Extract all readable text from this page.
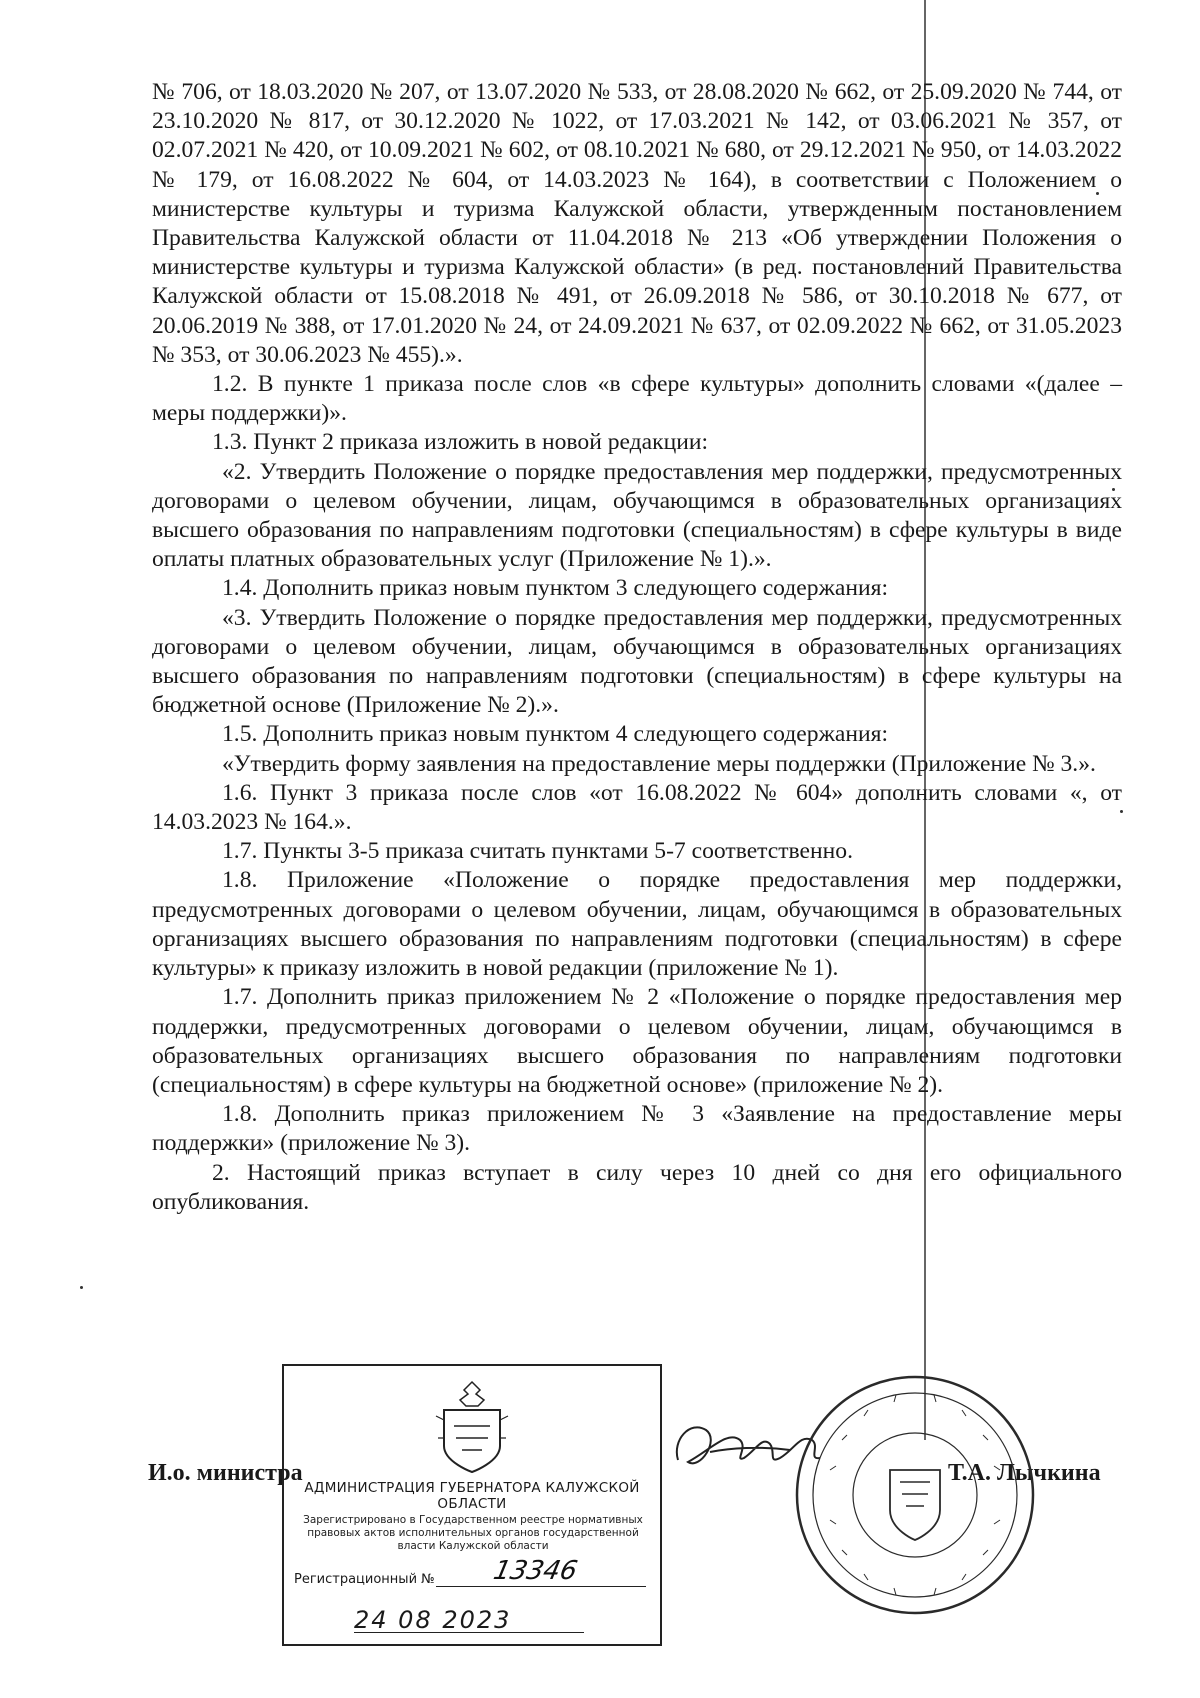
№ 706, от 18.03.2020 № 207, от 13.07.2020 № 533, от 28.08.2020 № 662, от 25.09.2020 № 744, от 23.10.2020 № 817, от 30.12.2020 № 1022, от 17.03.2021 № 142, от 03.06.2021 № 357, от 02.07.2021 № 420, от 10.09.2021 № 602, от 08.10.2021 № 680, от 29.12.2021 № 950, от 14.03.2022 № 179, от 16.08.2022 № 604, от 14.03.2023 № 164), в соответствии с Положением о министерстве культуры и туризма Калужской области, утвержденным постановлением Правительства Калужской области от 11.04.2018 № 213 «Об утверждении Положения о министерстве культуры и туризма Калужской области» (в ред. постановлений Правительства Калужской области от 15.08.2018 № 491, от 26.09.2018 № 586, от 30.10.2018 № 677, от 20.06.2019 № 388, от 17.01.2020 № 24, от 24.09.2021 № 637, от 02.09.2022 № 662, от 31.05.2023 № 353, от 30.06.2023 № 455).».

1.2. В пункте 1 приказа после слов «в сфере культуры» дополнить словами «(далее – меры поддержки)».

1.3. Пункт 2 приказа изложить в новой редакции:

«2. Утвердить Положение о порядке предоставления мер поддержки, предусмотренных договорами о целевом обучении, лицам, обучающимся в образовательных организациях высшего образования по направлениям подготовки (специальностям) в сфере культуры в виде оплаты платных образовательных услуг (Приложение № 1).».

1.4. Дополнить приказ новым пунктом 3 следующего содержания:

«3. Утвердить Положение о порядке предоставления мер поддержки, предусмотренных договорами о целевом обучении, лицам, обучающимся в образовательных организациях высшего образования по направлениям подготовки (специальностям) в сфере культуры на бюджетной основе (Приложение № 2).».

1.5. Дополнить приказ новым пунктом 4 следующего содержания:

«Утвердить форму заявления на предоставление меры поддержки (Приложение № 3.».

1.6. Пункт 3 приказа после слов «от 16.08.2022 № 604» дополнить словами «, от 14.03.2023 № 164.».

1.7. Пункты 3-5 приказа считать пунктами 5-7 соответственно.

1.8. Приложение «Положение о порядке предоставления мер поддержки, предусмотренных договорами о целевом обучении, лицам, обучающимся в образовательных организациях высшего образования по направлениям подготовки (специальностям) в сфере культуры» к приказу изложить в новой редакции (приложение № 1).

1.7. Дополнить приказ приложением № 2 «Положение о порядке предоставления мер поддержки, предусмотренных договорами о целевом обучении, лицам, обучающимся в образовательных организациях высшего образования по направлениям подготовки (специальностям) в сфере культуры на бюджетной основе» (приложение № 2).

1.8. Дополнить приказ приложением № 3 «Заявление на предоставление меры поддержки» (приложение № 3).

2. Настоящий приказ вступает в силу через 10 дней со дня его официального опубликования.

И.о. министра	Т.А. Лычкина
АДМИНИСТРАЦИЯ ГУБЕРНАТОРА КАЛУЖСКОЙ ОБЛАСТИ
Зарегистрировано в Государственном реестре нормативных правовых актов исполнительных органов государственной власти Калужской области
Регистрационный № 13346
24 08 2023
